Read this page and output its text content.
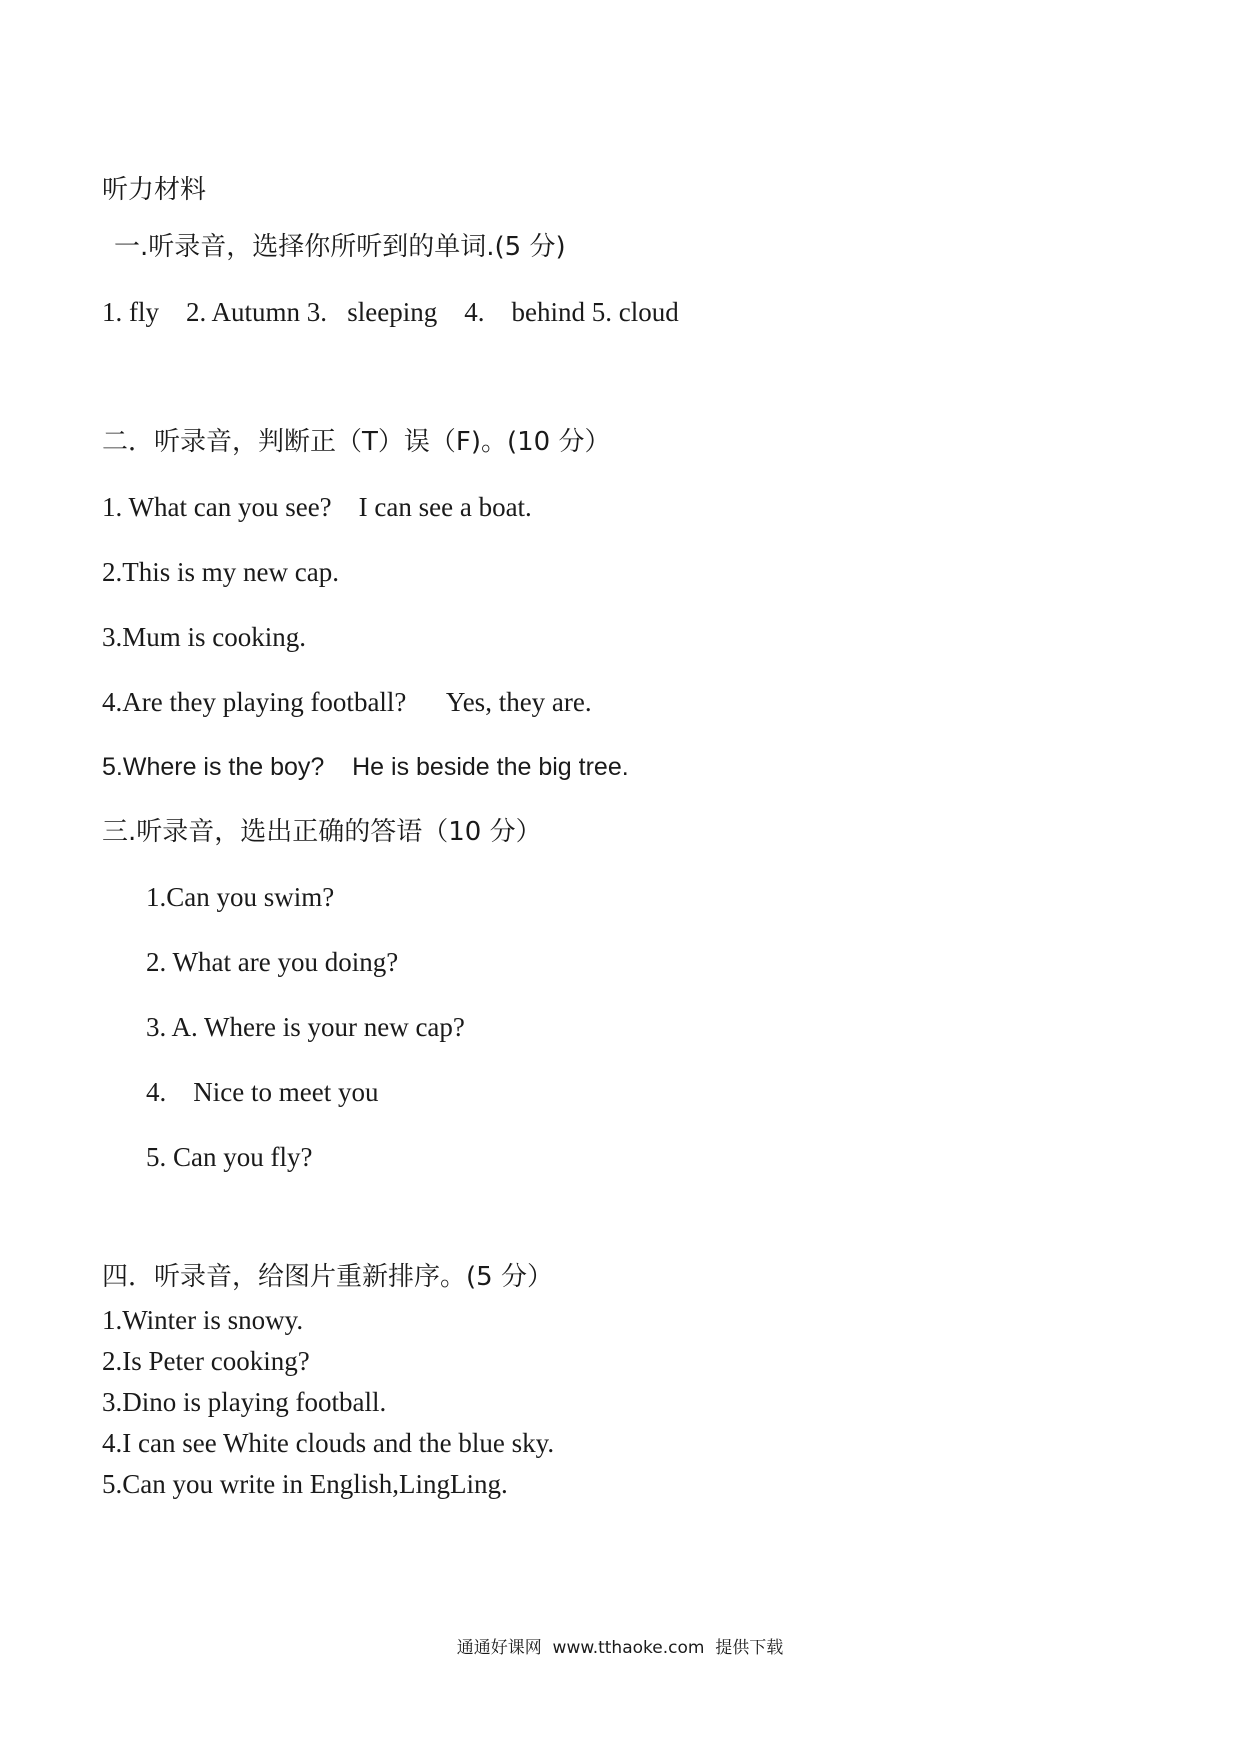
听力材料
一.听录音，选择你所听到的单词.(5 分)
1. fly    2. Autumn 3.   sleeping    4.    behind 5. cloud
二．听录音，判断正（T）误（F)。(10 分）
1. What can you see?    I can see a boat.
2.This is my new cap.
3.Mum is cooking.
4.Are they playing football?      Yes, they are.
5.Where is the boy?    He is beside the big tree.
三.听录音，选出正确的答语（10 分）
1.Can you swim?
2. What are you doing?
3. A. Where is your new cap?
4.    Nice to meet you
5. Can you fly?
四．听录音，给图片重新排序。(5 分）
1.Winter is snowy.
2.Is Peter cooking?
3.Dino is playing football.
4.I can see White clouds and the blue sky.
5.Can you write in English,LingLing.
通通好课网  www.tthaoke.com  提供下载
